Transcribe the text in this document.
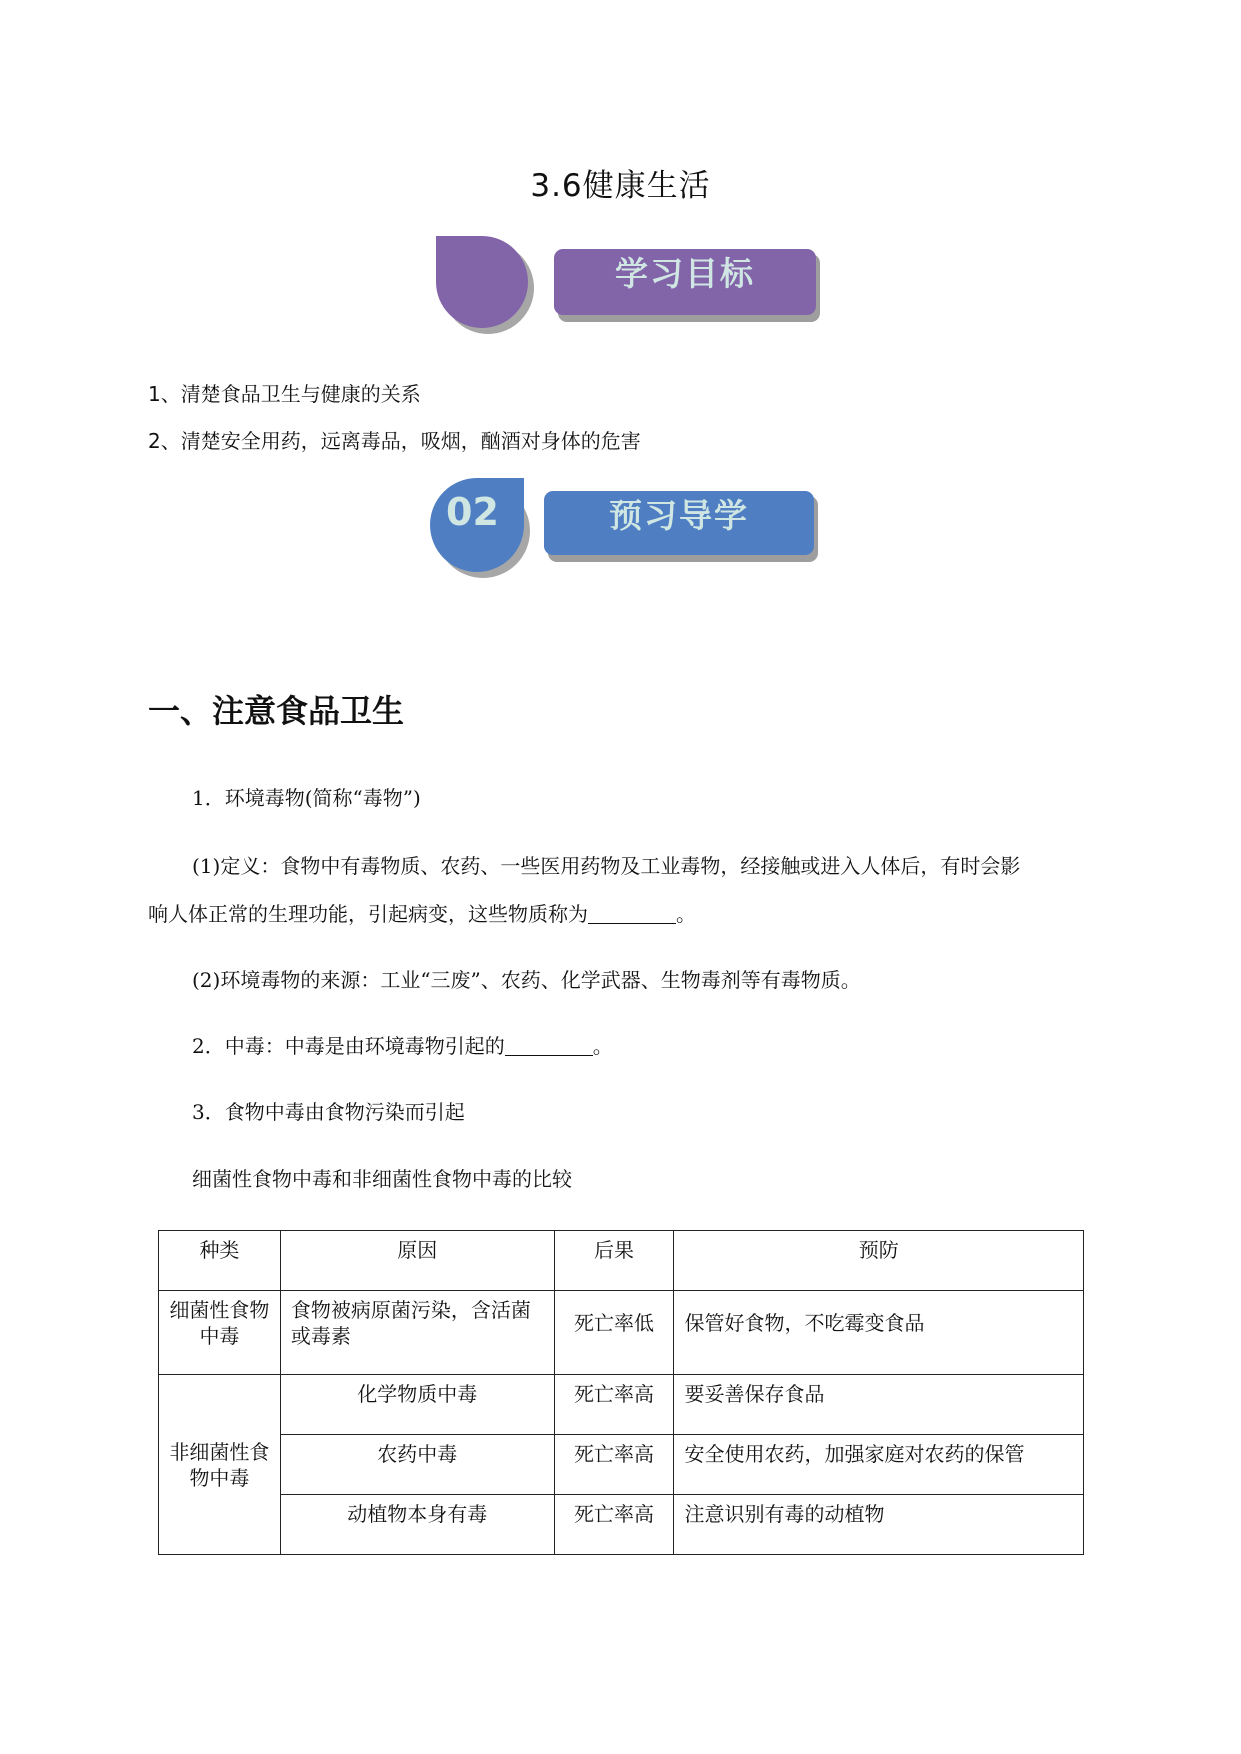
3.6健康生活
学习目标
1、清楚食品卫生与健康的关系
2、清楚安全用药，远离毒品，吸烟，酗酒对身体的危害
02	预习导学
一、注意食品卫生
1．环境毒物(简称“毒物”)
(1)定义：食物中有毒物质、农药、一些医用药物及工业毒物，经接触或进入人体后，有时会影
响人体正常的生理功能，引起病变，这些物质称为	。
(2)环境毒物的来源：工业“三废”、农药、化学武器、生物毒剂等有毒物质。
2．中毒：中毒是由环境毒物引起的	。
3．食物中毒由食物污染而引起
细菌性食物中毒和非细菌性食物中毒的比较
种类	原因	后果	预防
细菌性食物中毒	食物被病原菌污染，含活菌或毒素	死亡率低	保管好食物，不吃霉变食品
非细菌性食物中毒	化学物质中毒	死亡率高	要妥善保存食品
	农药中毒	死亡率高	安全使用农药，加强家庭对农药的保管
	动植物本身有毒	死亡率高	注意识别有毒的动植物
